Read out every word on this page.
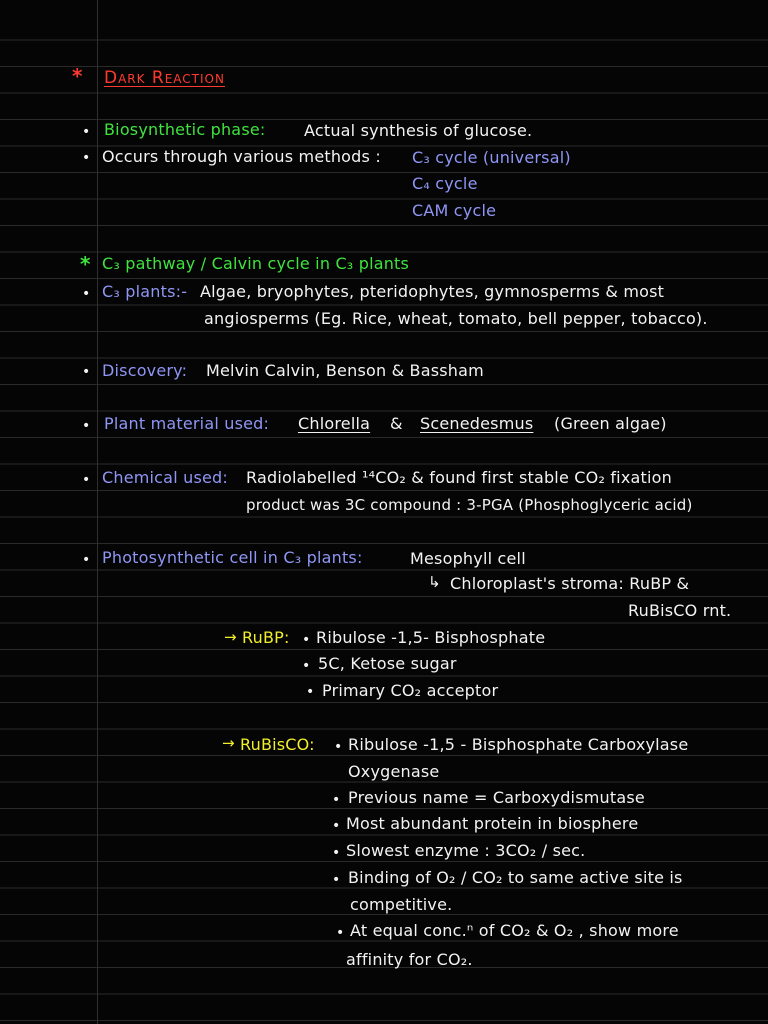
* Dark Reaction
• Biosynthetic phase: Actual synthesis of glucose.
• Occurs through various methods : C₃ cycle (universal)
C₄ cycle
CAM cycle
* C₃ pathway / Calvin cycle in C₃ plants
• C₃ plants:- Algae, bryophytes, pteridophytes, gymnosperms & most
angiosperms (Eg. Rice, wheat, tomato, bell pepper, tobacco).
• Discovery: Melvin Calvin, Benson & Bassham
• Plant material used: Chlorella & Scenedesmus (Green algae)
• Chemical used: Radiolabelled ¹⁴CO₂ & found first stable CO₂ fixation
product was 3C compound : 3-PGA (Phosphoglyceric acid)
• Photosynthetic cell in C₃ plants:	Mesophyll cell
↳ Chloroplast's stroma: RuBP &
RuBisCO rnt.
→ RuBP: • Ribulose -1,5- Bisphosphate
• 5C, Ketose sugar
• Primary CO₂ acceptor
→ RuBisCO: • Ribulose -1,5 - Bisphosphate Carboxylase
Oxygenase
• Previous name = Carboxydismutase
• Most abundant protein in biosphere
• Slowest enzyme : 3CO₂ / sec.
• Binding of O₂ / CO₂ to same active site is
competitive.
• At equal conc.ⁿ of CO₂ & O₂ , show more
affinity for CO₂.
